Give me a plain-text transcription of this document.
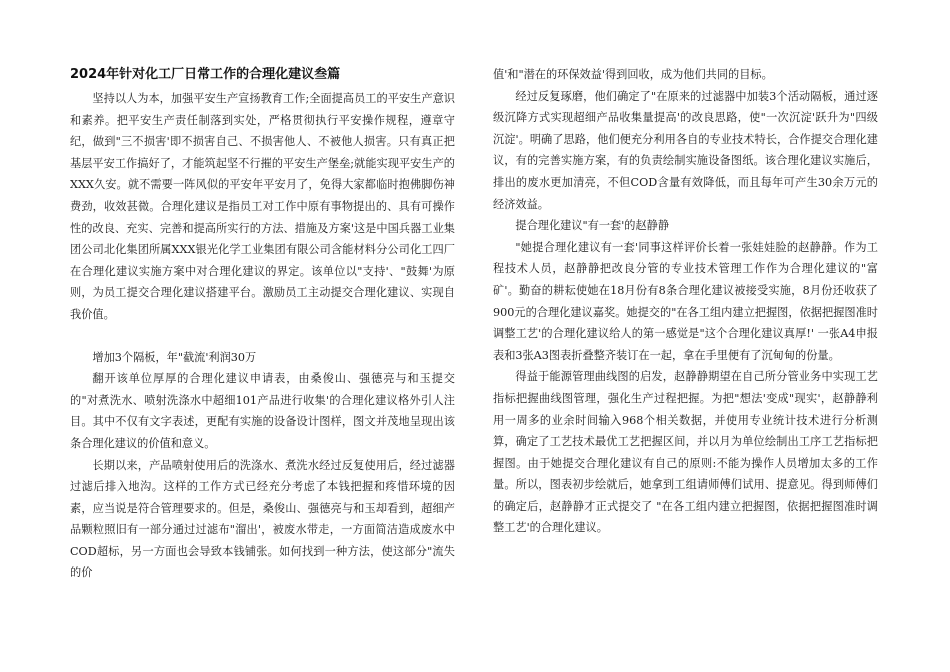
2024年针对化工厂日常工作的合理化建议叁篇

坚持以人为本，加强平安生产宣扬教育工作;全面提高员工的平安生产意识和素养。把平安生产责任制落到实处，严格贯彻执行平安操作规程，遵章守纪，做到"三不损害'即不损害自己、不损害他人、不被他人损害。只有真正把基层平安工作搞好了，才能筑起坚不行摧的平安生产堡垒;就能实现平安生产的XXX久安。就不需要一阵风似的平安年平安月了，免得大家都临时抱佛脚伤神费劲，收效甚微。合理化建议是指员工对工作中原有事物提出的、具有可操作性的改良、充实、完善和提高所实行的方法、措施及方案'这是中国兵器工业集团公司北化集团所属XXX银光化学工业集团有限公司含能材料分公司化工四厂在合理化建议实施方案中对合理化建议的界定。该单位以"支持'、"鼓舞'为原则，为员工提交合理化建议搭建平台。激励员工主动提交合理化建议、实现自我价值。

增加3个隔板，年"截流'利润30万

翻开该单位厚厚的合理化建议申请表，由桑俊山、强德亮与和玉提交的"对煮洗水、喷射洗涤水中超细101产品进行收集'的合理化建议格外引人注目。其中不仅有文字表述，更配有实施的设备设计图样，图文并茂地呈现出该条合理化建议的价值和意义。

长期以来，产品喷射使用后的洗涤水、煮洗水经过反复使用后，经过滤器过滤后排入地沟。这样的工作方式已经充分考虑了本钱把握和疼惜环境的因素，应当说是符合管理要求的。但是，桑俊山、强德亮与和玉却看到，超细产品颗粒照旧有一部分通过过滤布"溜出'，被废水带走，一方面简洁造成废水中COD超标，另一方面也会导致本钱铺张。如何找到一种方法，使这部分"流失的价

值'和"潜在的环保效益'得到回收，成为他们共同的目标。

经过反复琢磨，他们确定了"在原来的过滤器中加装3个活动隔板，通过逐级沉降方式实现超细产品收集量提高'的改良思路，使"一次沉淀'跃升为"四级沉淀'。明确了思路，他们便充分利用各自的专业技术特长，合作提交合理化建议，有的完善实施方案，有的负责绘制实施设备图纸。该合理化建议实施后，排出的废水更加清亮，不但COD含量有效降低，而且每年可产生30余万元的经济效益。

提合理化建议"有一套'的赵静静

"她提合理化建议有一套'同事这样评价长着一张娃娃脸的赵静静。作为工程技术人员，赵静静把改良分管的专业技术管理工作作为合理化建议的"富矿'。勤奋的耕耘使她在18月份有8条合理化建议被接受实施，8月份还收获了900元的合理化建议嘉奖。她提交的"在各工组内建立把握图，依据把握图准时调整工艺'的合理化建议给人的第一感觉是"这个合理化建议真厚!' 一张A4申报表和3张A3图表折叠整齐装订在一起，拿在手里便有了沉甸甸的份量。

得益于能源管理曲线图的启发，赵静静期望在自己所分管业务中实现工艺指标把握曲线图管理，强化生产过程把握。为把"想法'变成"现实'，赵静静利用一周多的业余时间输入968个相关数据，并使用专业统计技术进行分析测算，确定了工艺技术最优工艺把握区间，并以月为单位绘制出工序工艺指标把握图。由于她提交合理化建议有自己的原则:不能为操作人员增加太多的工作量。所以，图表初步绘就后，她拿到工组请师傅们试用、提意见。得到师傅们的确定后，赵静静才正式提交了 "在各工组内建立把握图，依据把握图准时调整工艺'的合理化建议。
